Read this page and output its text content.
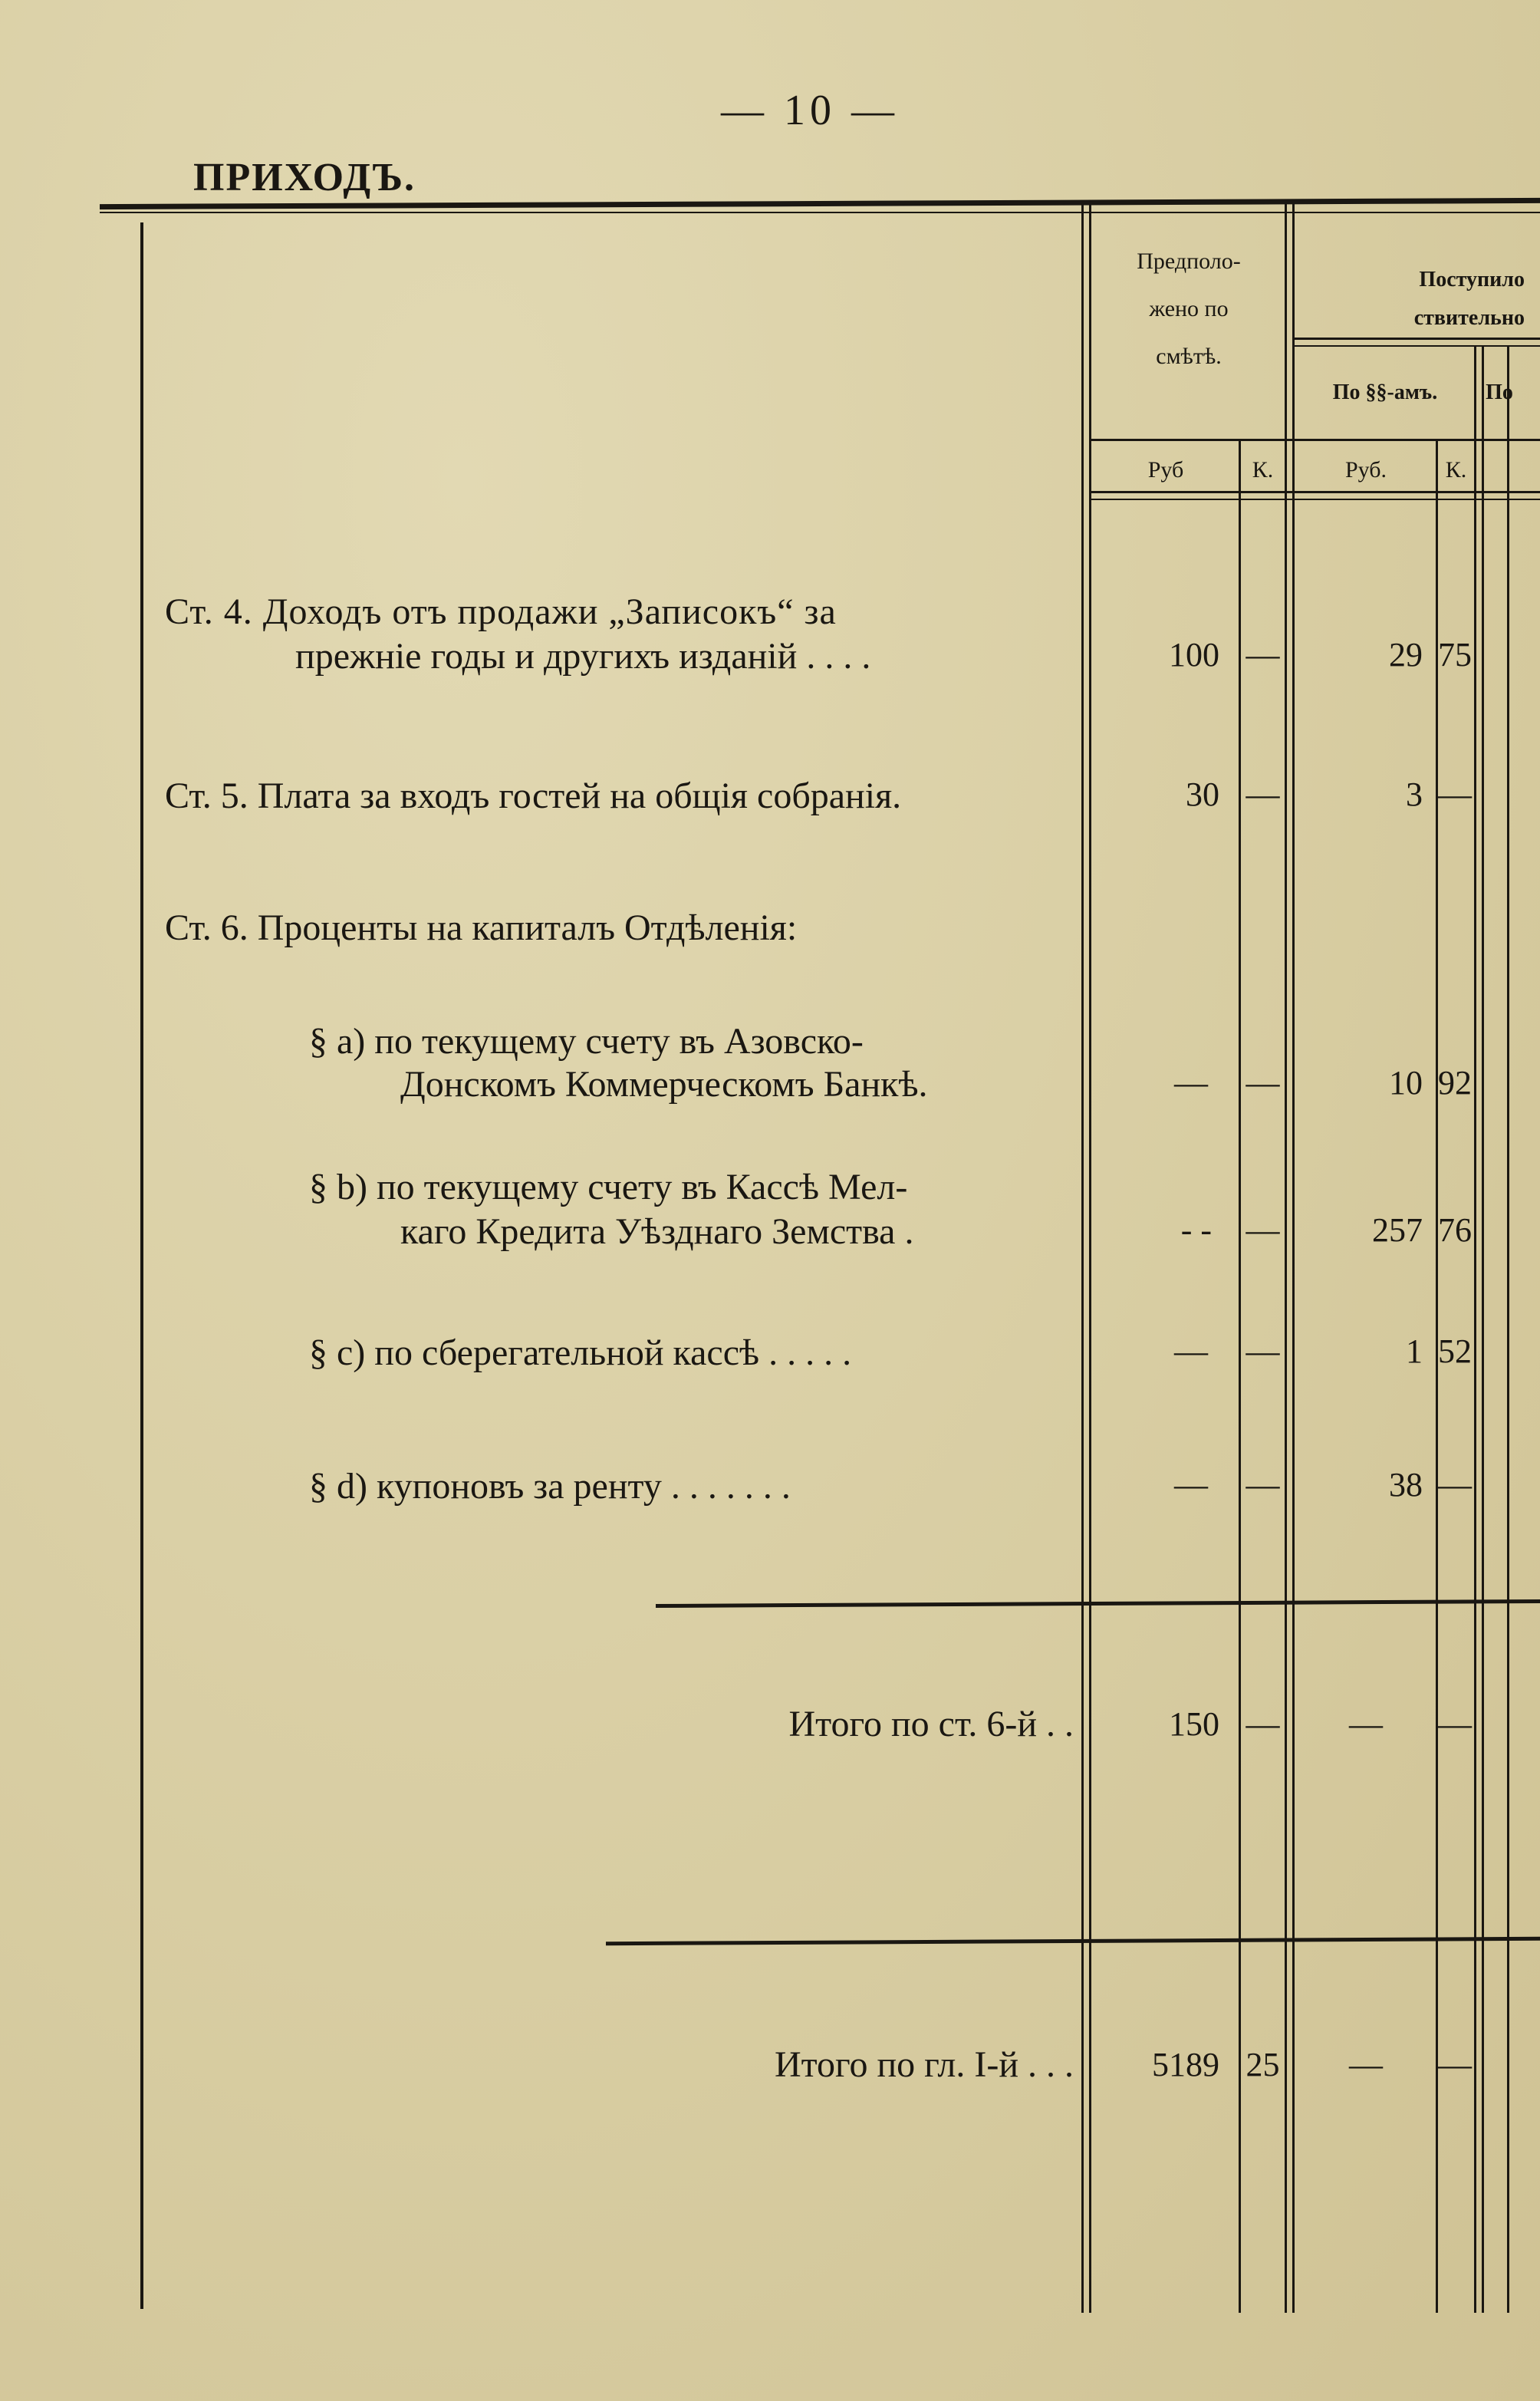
— 10 —
ПРИХОДЪ.
Предполо-
жено по
смѣтѣ.
Поступило
ствительно
По §§-амъ.	По
Руб	К.	Руб.	К.
Ст. 4. Доходъ отъ продажи „Записокъ“ за
прежніе годы и другихъ изданій . . . .	100 —	29 75
Ст. 5. Плата за входъ гостей на общія собранія.	30 —	3 —
Ст. 6. Проценты на капиталъ Отдѣленія:
§ a) по текущему счету въ Азовско-
Донскомъ Коммерческомъ Банкѣ.	— —	10 92
§ b) по текущему счету въ Кассѣ Мел-
каго Кредита Уѣзднаго Земства .	- - —	257 76
§ c) по сберегательной кассѣ . . . . .	— —	1 52
§ d) купоновъ за ренту . . . . . . .	— —	38 —
Итого по ст. 6-й . .	150 —	—	—
Итого по гл. I-й . . .	5189 25	—	—
